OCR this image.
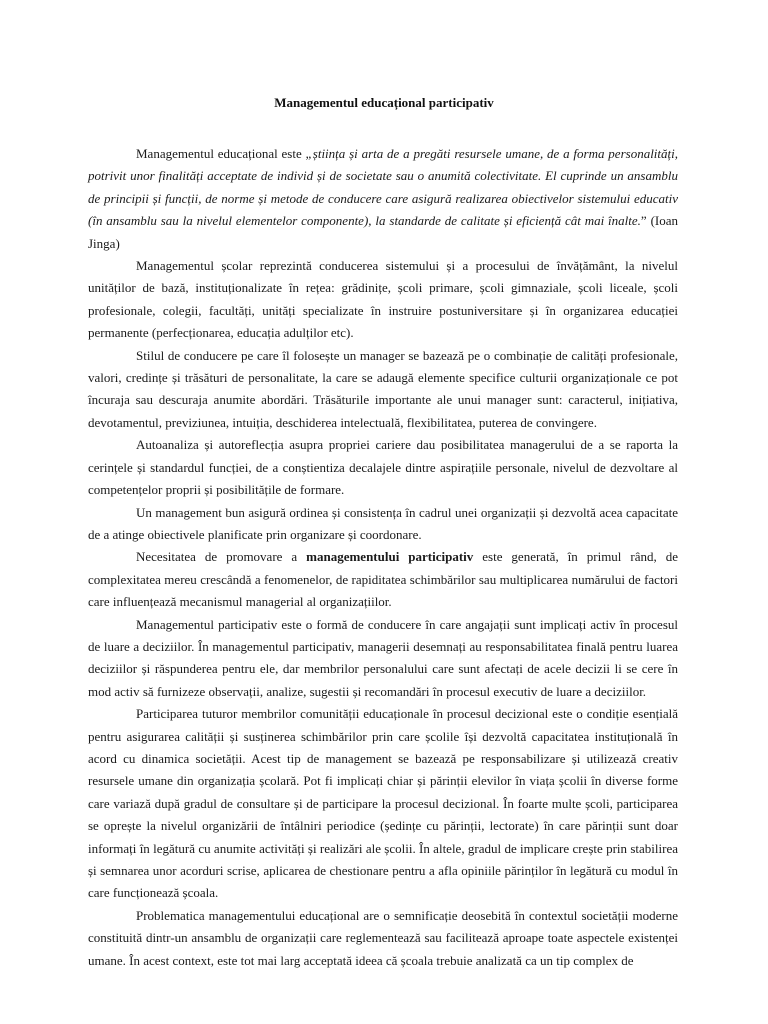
Managementul educațional participativ

Managementul educațional este „știința și arta de a pregăti resursele umane, de a forma personalități, potrivit unor finalități acceptate de individ și de societate sau o anumită colectivitate. El cuprinde un ansamblu de principii și funcții, de norme și metode de conducere care asigură realizarea obiectivelor sistemului educativ (în ansamblu sau la nivelul elementelor componente), la standarde de calitate și eficiență cât mai înalte.” (Ioan Jinga)

Managementul școlar reprezintă conducerea sistemului și a procesului de învățământ, la nivelul unităților de bază, instituționalizate în rețea: grădinițe, școli primare, școli gimnaziale, școli liceale, școli profesionale, colegii, facultăți, unități specializate în instruire postuniversitare și în organizarea educației permanente (perfecționarea, educația adulților etc).

Stilul de conducere pe care îl folosește un manager se bazează pe o combinație de calități profesionale, valori, credințe și trăsături de personalitate, la care se adaugă elemente specifice culturii organizaționale ce pot încuraja sau descuraja anumite abordări. Trăsăturile importante ale unui manager sunt: caracterul, inițiativa, devotamentul, previziunea, intuiția, deschiderea intelectuală, flexibilitatea, puterea de convingere.

Autoanaliza și autoreflecția asupra propriei cariere dau posibilitatea managerului de a se raporta la cerințele și standardul funcției, de a conștientiza decalajele dintre aspirațiile personale, nivelul de dezvoltare al competențelor proprii și posibilitățile de formare.

Un management bun asigură ordinea și consistența în cadrul unei organizații și dezvoltă acea capacitate de a atinge obiectivele planificate prin organizare și coordonare.

Necesitatea de promovare a managementului participativ este generată, în primul rând, de complexitatea mereu crescândă a fenomenelor, de rapiditatea schimbărilor sau multiplicarea numărului de factori care influențează mecanismul managerial al organizațiilor.

Managementul participativ este o formă de conducere în care angajații sunt implicați activ în procesul de luare a deciziilor. În managementul participativ, managerii desemnați au responsabilitatea finală pentru luarea deciziilor și răspunderea pentru ele, dar membrilor personalului care sunt afectați de acele decizii li se cere în mod activ să furnizeze observații, analize, sugestii și recomandări în procesul executiv de luare a deciziilor.

Participarea tuturor membrilor comunității educaționale în procesul decizional este o condiție esențială pentru asigurarea calității și susținerea schimbărilor prin care școlile își dezvoltă capacitatea instituțională în acord cu dinamica societății. Acest tip de management se bazează pe responsabilizare și utilizează creativ resursele umane din organizația școlară. Pot fi implicați chiar și părinții elevilor în viața școlii în diverse forme care variază după gradul de consultare și de participare la procesul decizional. În foarte multe școli, participarea se oprește la nivelul organizării de întâlniri periodice (ședințe cu părinții, lectorate) în care părinții sunt doar informați în legătură cu anumite activități și realizări ale școlii. În altele, gradul de implicare crește prin stabilirea și semnarea unor acorduri scrise, aplicarea de chestionare pentru a afla opiniile părinților în legătură cu modul în care funcționează școala.

Problematica managementului educațional are o semnificație deosebită în contextul societății moderne constituită dintr-un ansamblu de organizații care reglementează sau facilitează aproape toate aspectele existenței umane. În acest context, este tot mai larg acceptată ideea că școala trebuie analizată ca un tip complex de
